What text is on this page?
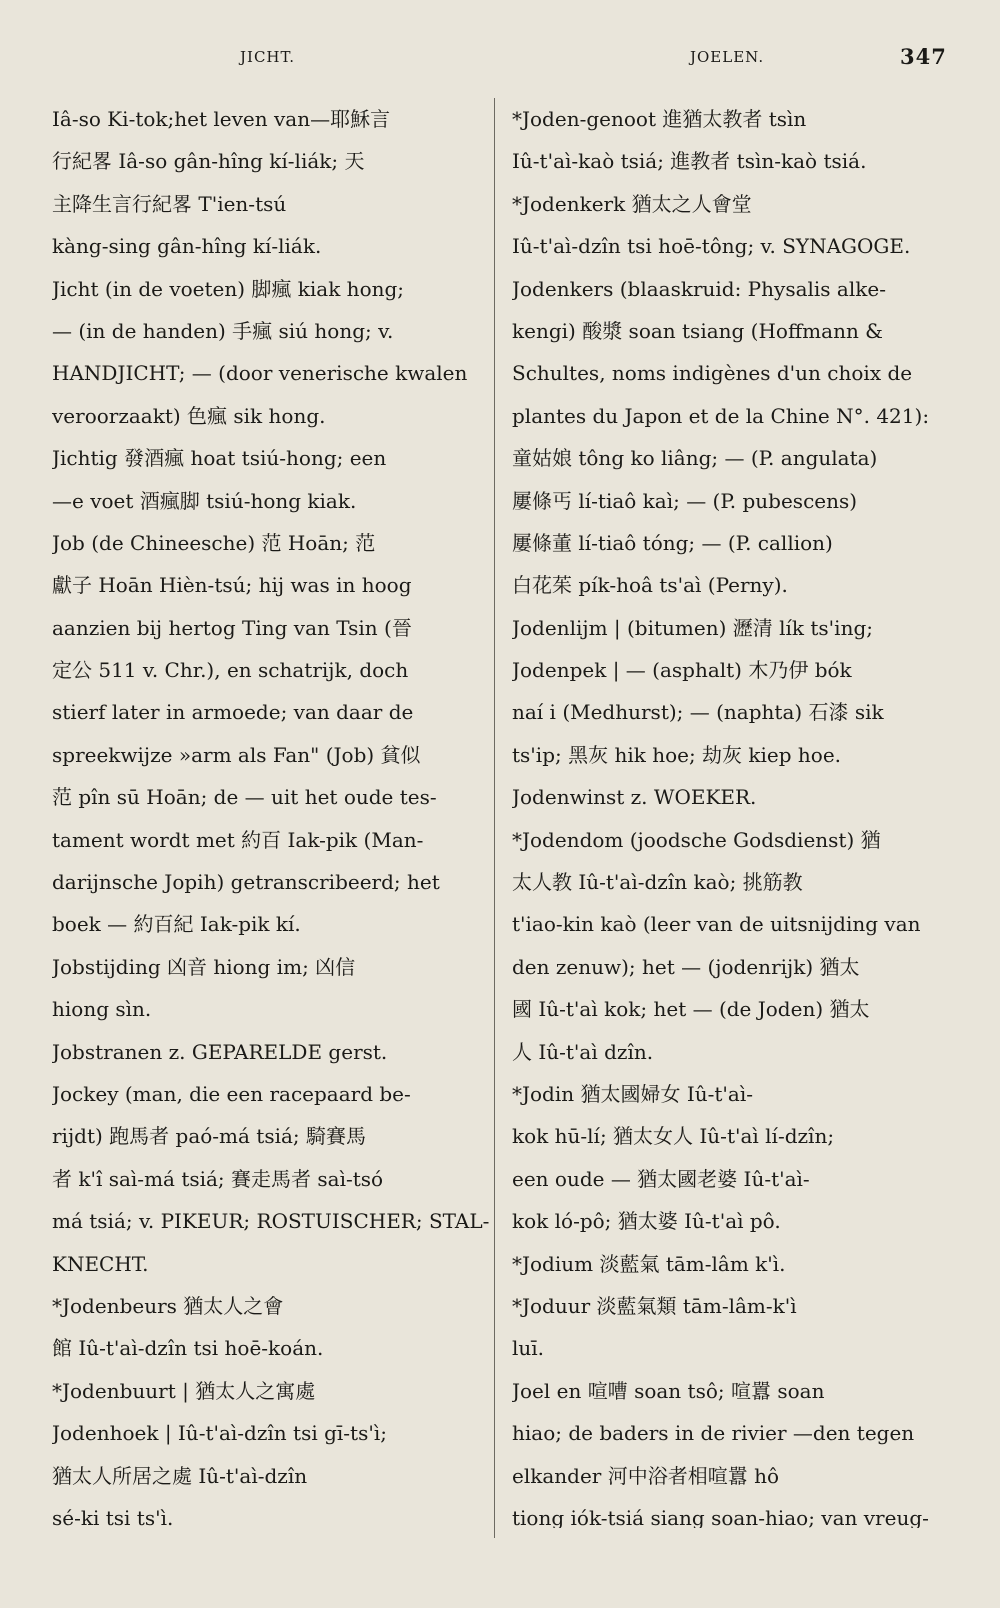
JICHT.	JOELEN.	347
Iâ-so Ki-tok;het leven van—耶穌言
行紀畧 Iâ-so gân-hîng kí-liák; 天
主降生言行紀畧 T'ien-tsú
kàng-sing gân-hîng kí-liák.
Jicht (in de voeten) 脚瘋 kiak hong;
— (in de handen) 手瘋 siú hong; v.
HANDJICHT; — (door venerische kwalen
veroorzaakt) 色瘋 sik hong.
Jichtig 發酒瘋 hoat tsiú-hong; een
—e voet 酒瘋脚 tsiú-hong kiak.
Job (de Chineesche) 范 Hoān; 范
獻子 Hoān Hièn-tsú; hij was in hoog
aanzien bij hertog Ting van Tsin (晉
定公 511 v. Chr.), en schatrijk, doch
stierf later in armoede; van daar de
spreekwijze »arm als Fan" (Job) 貧似
范 pîn sū Hoān; de — uit het oude tes-
tament wordt met 約百 Iak-pik (Man-
darijnsche Jopih) getranscribeerd; het
boek — 約百紀 Iak-pik kí.
Jobstijding 凶音 hiong im; 凶信
hiong sìn.
Jobstranen z. GEPARELDE gerst.
Jockey (man, die een racepaard be-
rijdt) 跑馬者 paó-má tsiá; 騎賽馬
者 k'î saì-má tsiá; 賽走馬者 saì-tsó
má tsiá; v. PIKEUR; ROSTUISCHER; STAL-
KNECHT.
*Jodenbeurs 猶太人之會
館 Iû-t'aì-dzîn tsi hoē-koán.
*Jodenbuurt | 猶太人之寓處
Jodenhoek | Iû-t'aì-dzîn tsi gī-ts'ì;
猶太人所居之處 Iû-t'aì-dzîn
sé-ki tsi ts'ì.
*Joden-genoot 進猶太教者 tsìn
Iû-t'aì-kaò tsiá; 進教者 tsìn-kaò tsiá.
*Jodenkerk 猶太之人會堂
Iû-t'aì-dzîn tsi hoē-tông; v. SYNAGOGE.
Jodenkers (blaaskruid: Physalis alke-
kengi) 酸漿 soan tsiang (Hoffmann &
Schultes, noms indigènes d'un choix de
plantes du Japon et de la Chine N°. 421):
童姑娘 tông ko liâng; — (P. angulata)
屢條丐 lí-tiaô kaì; — (P. pubescens)
屢條董 lí-tiaô tóng; — (P. callion)
白花茱 pík-hoâ ts'aì (Perny).
Jodenlijm | (bitumen) 瀝清 lík ts'ing;
Jodenpek | — (asphalt) 木乃伊 bók
naí i (Medhurst); — (naphta) 石漆 sik
ts'ip; 黑灰 hik hoe; 劫灰 kiep hoe.
Jodenwinst z. WOEKER.
*Jodendom (joodsche Godsdienst) 猶
太人教 Iû-t'aì-dzîn kaò; 挑筋教
t'iao-kin kaò (leer van de uitsnijding van
den zenuw); het — (jodenrijk) 猶太
國 Iû-t'aì kok; het — (de Joden) 猶太
人 Iû-t'aì dzîn.
*Jodin 猶太國婦女 Iû-t'aì-
kok hū-lí; 猶太女人 Iû-t'aì lí-dzîn;
een oude — 猶太國老婆 Iû-t'aì-
kok ló-pô; 猶太婆 Iû-t'aì pô.
*Jodium 淡藍氣 tām-lâm k'ì.
*Joduur 淡藍氣類 tām-lâm-k'ì
luī.
Joel en 喧嘈 soan tsô; 喧囂 soan
hiao; de baders in de rivier —den tegen
elkander 河中浴者相喧囂 hô
tiong iók-tsiá siang soan-hiao; van vreug-
